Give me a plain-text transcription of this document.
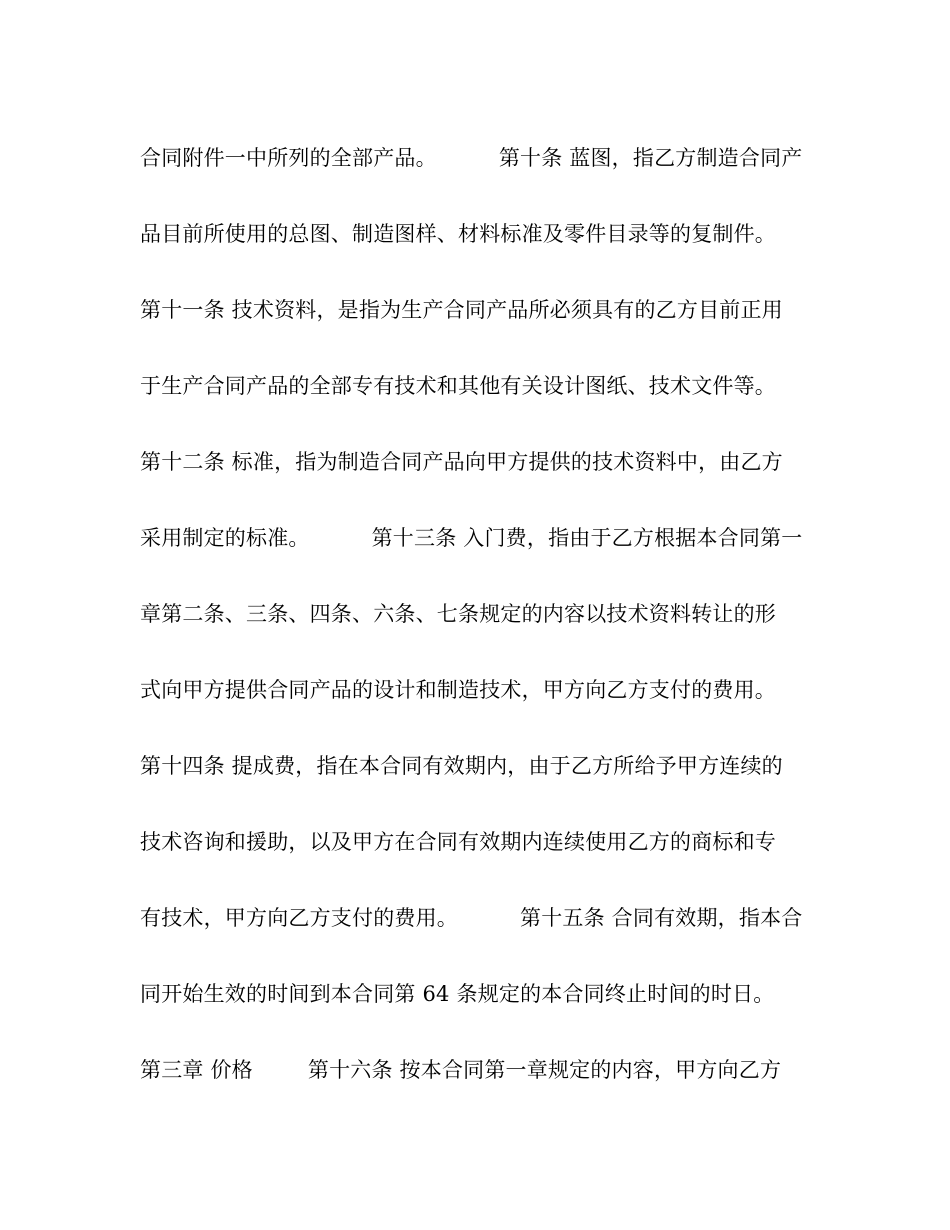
合同附件一中所列的全部产品。	第十条 蓝图，指乙方制造合同产
品目前所使用的总图、制造图样、材料标准及零件目录等的复制件。
第十一条 技术资料，是指为生产合同产品所必须具有的乙方目前正用
于生产合同产品的全部专有技术和其他有关设计图纸、技术文件等。
第十二条 标准，指为制造合同产品向甲方提供的技术资料中，由乙方
采用制定的标准。	第十三条 入门费，指由于乙方根据本合同第一
章第二条、三条、四条、六条、七条规定的内容以技术资料转让的形
式向甲方提供合同产品的设计和制造技术，甲方向乙方支付的费用。
第十四条 提成费，指在本合同有效期内，由于乙方所给予甲方连续的
技术咨询和援助，以及甲方在合同有效期内连续使用乙方的商标和专
有技术，甲方向乙方支付的费用。	第十五条 合同有效期，指本合
同开始生效的时间到本合同第 64 条规定的本合同终止时间的时日。
第三章 价格	第十六条 按本合同第一章规定的内容，甲方向乙方
